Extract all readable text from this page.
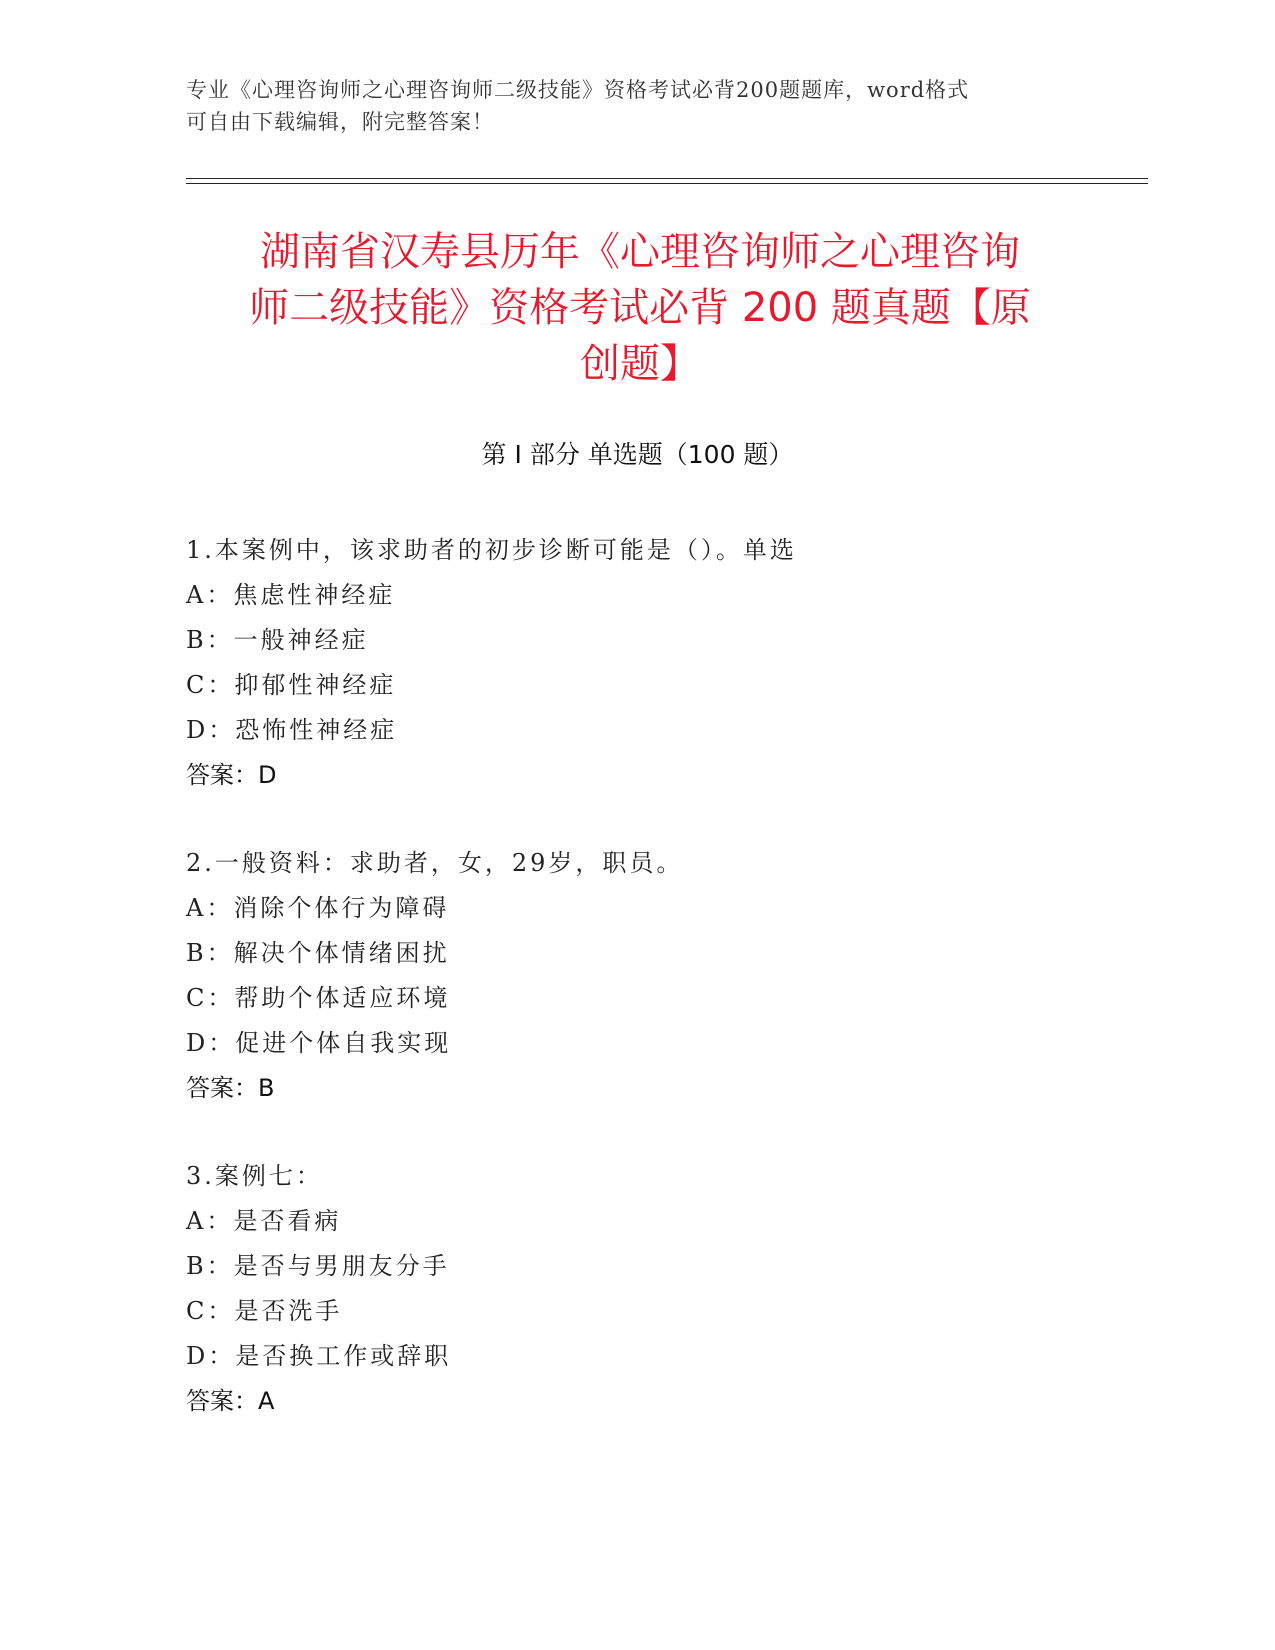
专业《心理咨询师之心理咨询师二级技能》资格考试必背200题题库，word格式
可自由下载编辑，附完整答案！
湖南省汉寿县历年《心理咨询师之心理咨询
师二级技能》资格考试必背 200 题真题【原
创题】
第 I 部分 单选题（100 题）
1.本案例中，该求助者的初步诊断可能是（）。单选
A：焦虑性神经症
B：一般神经症
C：抑郁性神经症
D：恐怖性神经症
答案：D
2.一般资料：求助者，女，29岁，职员。
A：消除个体行为障碍
B：解决个体情绪困扰
C：帮助个体适应环境
D：促进个体自我实现
答案：B
3.案例七：
A：是否看病
B：是否与男朋友分手
C：是否洗手
D：是否换工作或辞职
答案：A
